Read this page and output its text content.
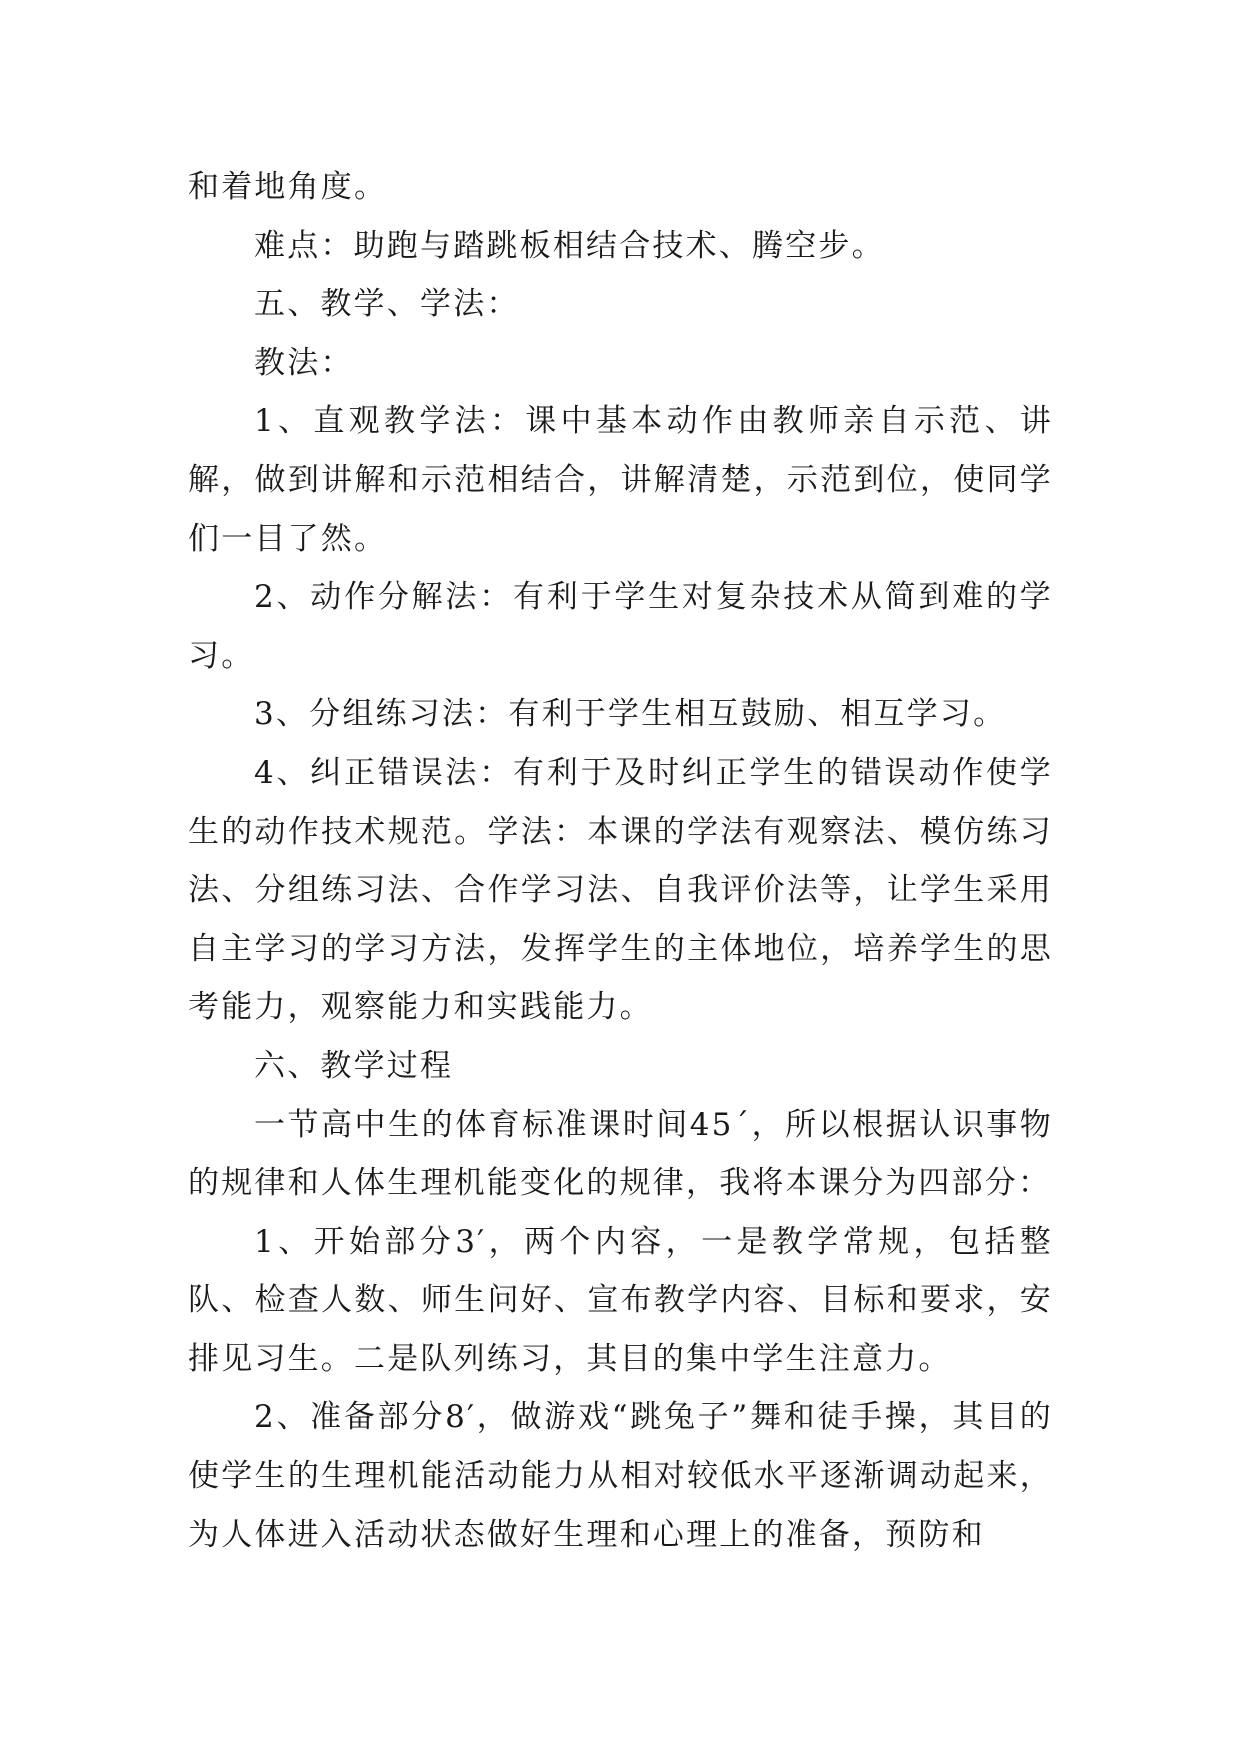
和着地角度。

难点：助跑与踏跳板相结合技术、腾空步。

五、教学、学法：

教法：

1、直观教学法：课中基本动作由教师亲自示范、讲解，做到讲解和示范相结合，讲解清楚，示范到位，使同学们一目了然。

2、动作分解法：有利于学生对复杂技术从简到难的学习。

3、分组练习法：有利于学生相互鼓励、相互学习。

4、纠正错误法：有利于及时纠正学生的错误动作使学生的动作技术规范。学法：本课的学法有观察法、模仿练习法、分组练习法、合作学习法、自我评价法等，让学生采用自主学习的学习方法，发挥学生的主体地位，培养学生的思考能力，观察能力和实践能力。

六、教学过程

一节高中生的体育标准课时间45´，所以根据认识事物的规律和人体生理机能变化的规律，我将本课分为四部分：

1、开始部分3′，两个内容，一是教学常规，包括整队、检查人数、师生问好、宣布教学内容、目标和要求，安排见习生。二是队列练习，其目的集中学生注意力。

2、准备部分8′，做游戏“跳兔子”舞和徒手操，其目的使学生的生理机能活动能力从相对较低水平逐渐调动起来，为人体进入活动状态做好生理和心理上的准备，预防和
